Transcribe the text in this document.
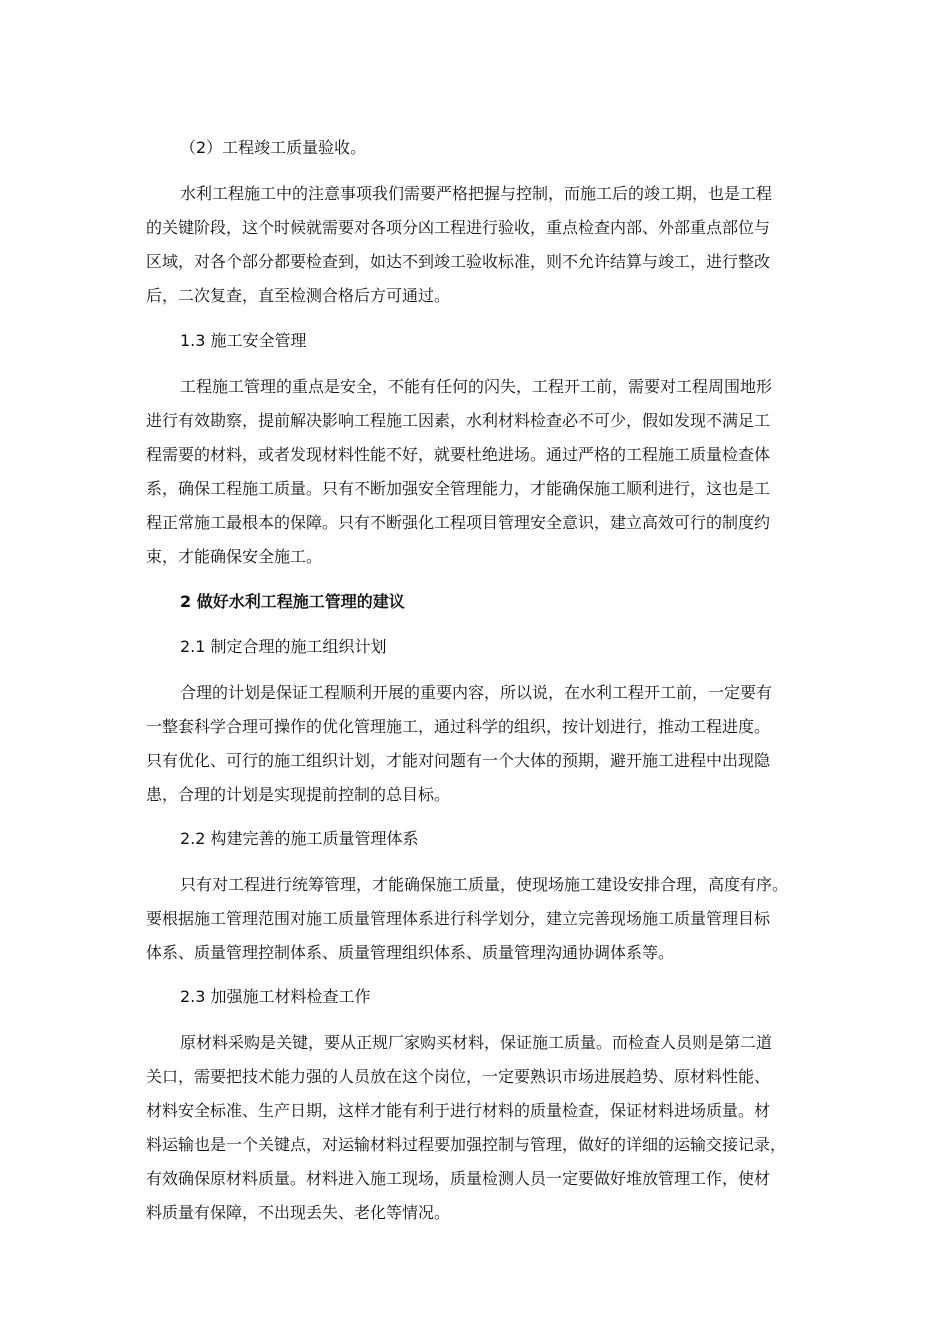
（2）工程竣工质量验收。
水利工程施工中的注意事项我们需要严格把握与控制，而施工后的竣工期，也是工程
的关键阶段，这个时候就需要对各项分凶工程进行验收，重点检查内部、外部重点部位与
区域，对各个部分都要检查到，如达不到竣工验收标准，则不允许结算与竣工，进行整改
后，二次复查，直至检测合格后方可通过。
1.3 施工安全管理
工程施工管理的重点是安全，不能有任何的闪失，工程开工前，需要对工程周围地形
进行有效勘察，提前解决影响工程施工因素，水利材料检查必不可少，假如发现不满足工
程需要的材料，或者发现材料性能不好，就要杜绝进场。通过严格的工程施工质量检查体
系，确保工程施工质量。只有不断加强安全管理能力，才能确保施工顺利进行，这也是工
程正常施工最根本的保障。只有不断强化工程项目管理安全意识，建立高效可行的制度约
束，才能确保安全施工。
2 做好水利工程施工管理的建议
2.1 制定合理的施工组织计划
合理的计划是保证工程顺利开展的重要内容，所以说，在水利工程开工前，一定要有
一整套科学合理可操作的优化管理施工，通过科学的组织，按计划进行，推动工程进度。
只有优化、可行的施工组织计划，才能对问题有一个大体的预期，避开施工进程中出现隐
患，合理的计划是实现提前控制的总目标。
2.2 构建完善的施工质量管理体系
只有对工程进行统筹管理，才能确保施工质量，使现场施工建设安排合理，高度有序。
要根据施工管理范围对施工质量管理体系进行科学划分，建立完善现场施工质量管理目标
体系、质量管理控制体系、质量管理组织体系、质量管理沟通协调体系等。
2.3 加强施工材料检查工作
原材料采购是关键，要从正规厂家购买材料，保证施工质量。而检查人员则是第二道
关口，需要把技术能力强的人员放在这个岗位，一定要熟识市场进展趋势、原材料性能、
材料安全标准、生产日期，这样才能有利于进行材料的质量检查，保证材料进场质量。材
料运输也是一个关键点，对运输材料过程要加强控制与管理，做好的详细的运输交接记录，
有效确保原材料质量。材料进入施工现场，质量检测人员一定要做好堆放管理工作，使材
料质量有保障，不出现丢失、老化等情况。
